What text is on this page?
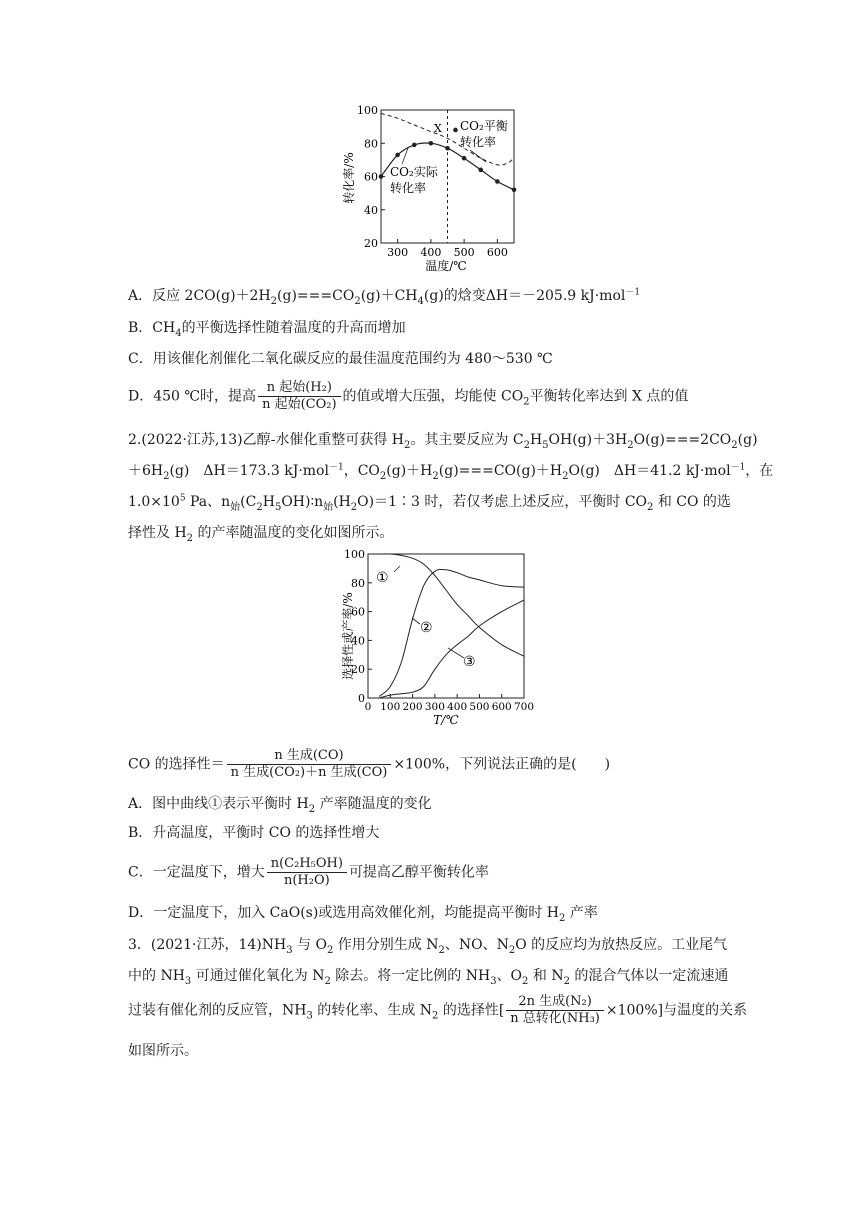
100
80
60
40
20
300 400 500 600
转化率/%
温度/℃
X CO₂平衡
转化率
CO₂实际
转化率
A．反应 $2CO(g)+2H_2(g)===CO_2(g)+CH_4(g)$的焓变ΔH＝－205.9 kJ·mol$^{-1}$
B．$CH_4$的平衡选择性随着温度的升高而增加
C．用该催化剂催化二氧化碳反应的最佳温度范围约为 480～530 ℃
D．450 ℃时，提高 $\frac{\text{n 起始(H₂)}}{\text{n 起始(CO₂)}}$ 的值或增大压强，均能使 $CO_2$平衡转化率达到 X 点的值
2.(2022·江苏,13)乙醇-水催化重整可获得 $H_2$。其主要反应为 $C_2H_5OH(g)+3H_2O(g)===2CO_2(g)$
$+6H_2(g)$　ΔH＝173.3 kJ·mol$^{-1}$，$CO_2(g)+H_2(g)===CO(g)+H_2O(g)$　ΔH＝41.2 kJ·mol$^{-1}$，在
$1.0\times 10^5$ Pa、$n_始(C_2H_5OH)∶n_始(H_2O)=1∶3$ 时，若仅考虑上述反应，平衡时 $CO_2$ 和 CO 的选
择性及 $H_2$ 的产率随温度的变化如图所示。
100
80
60
40
20
0
0 100 200 300 400 500 600 700
选择性或产率/%
T/℃
①
②
③
CO 的选择性＝ $\frac{\text{n 生成(CO)}}{\text{n 生成(CO₂)＋n 生成(CO)}} \times 100\%$，下列说法正确的是(　　)
A．图中曲线①表示平衡时 $H_2$ 产率随温度的变化
B．升高温度，平衡时 CO 的选择性增大
C．一定温度下，增大 $\frac{\text{n(C₂H₅OH)}}{\text{n(H₂O)}}$ 可提高乙醇平衡转化率
D．一定温度下，加入 CaO(s)或选用高效催化剂，均能提高平衡时 $H_2$ 产率
3．(2021·江苏，$14)NH_3$ 与 $O_2$ 作用分别生成 $N_2$、NO、$N_2O$ 的反应均为放热反应。工业尾气
中的 $NH_3$ 可通过催化氧化为 $N_2$ 除去。将一定比例的 $NH_3$、$O_2$ 和 $N_2$ 的混合气体以一定流速通
过装有催化剂的反应管，$NH_3$ 的转化率、生成 $N_2$ 的选择性[ $\frac{\text{2n 生成(N₂)}}{\text{n 总转化(NH₃)}} \times 100\%$]与温度的关系
如图所示。
